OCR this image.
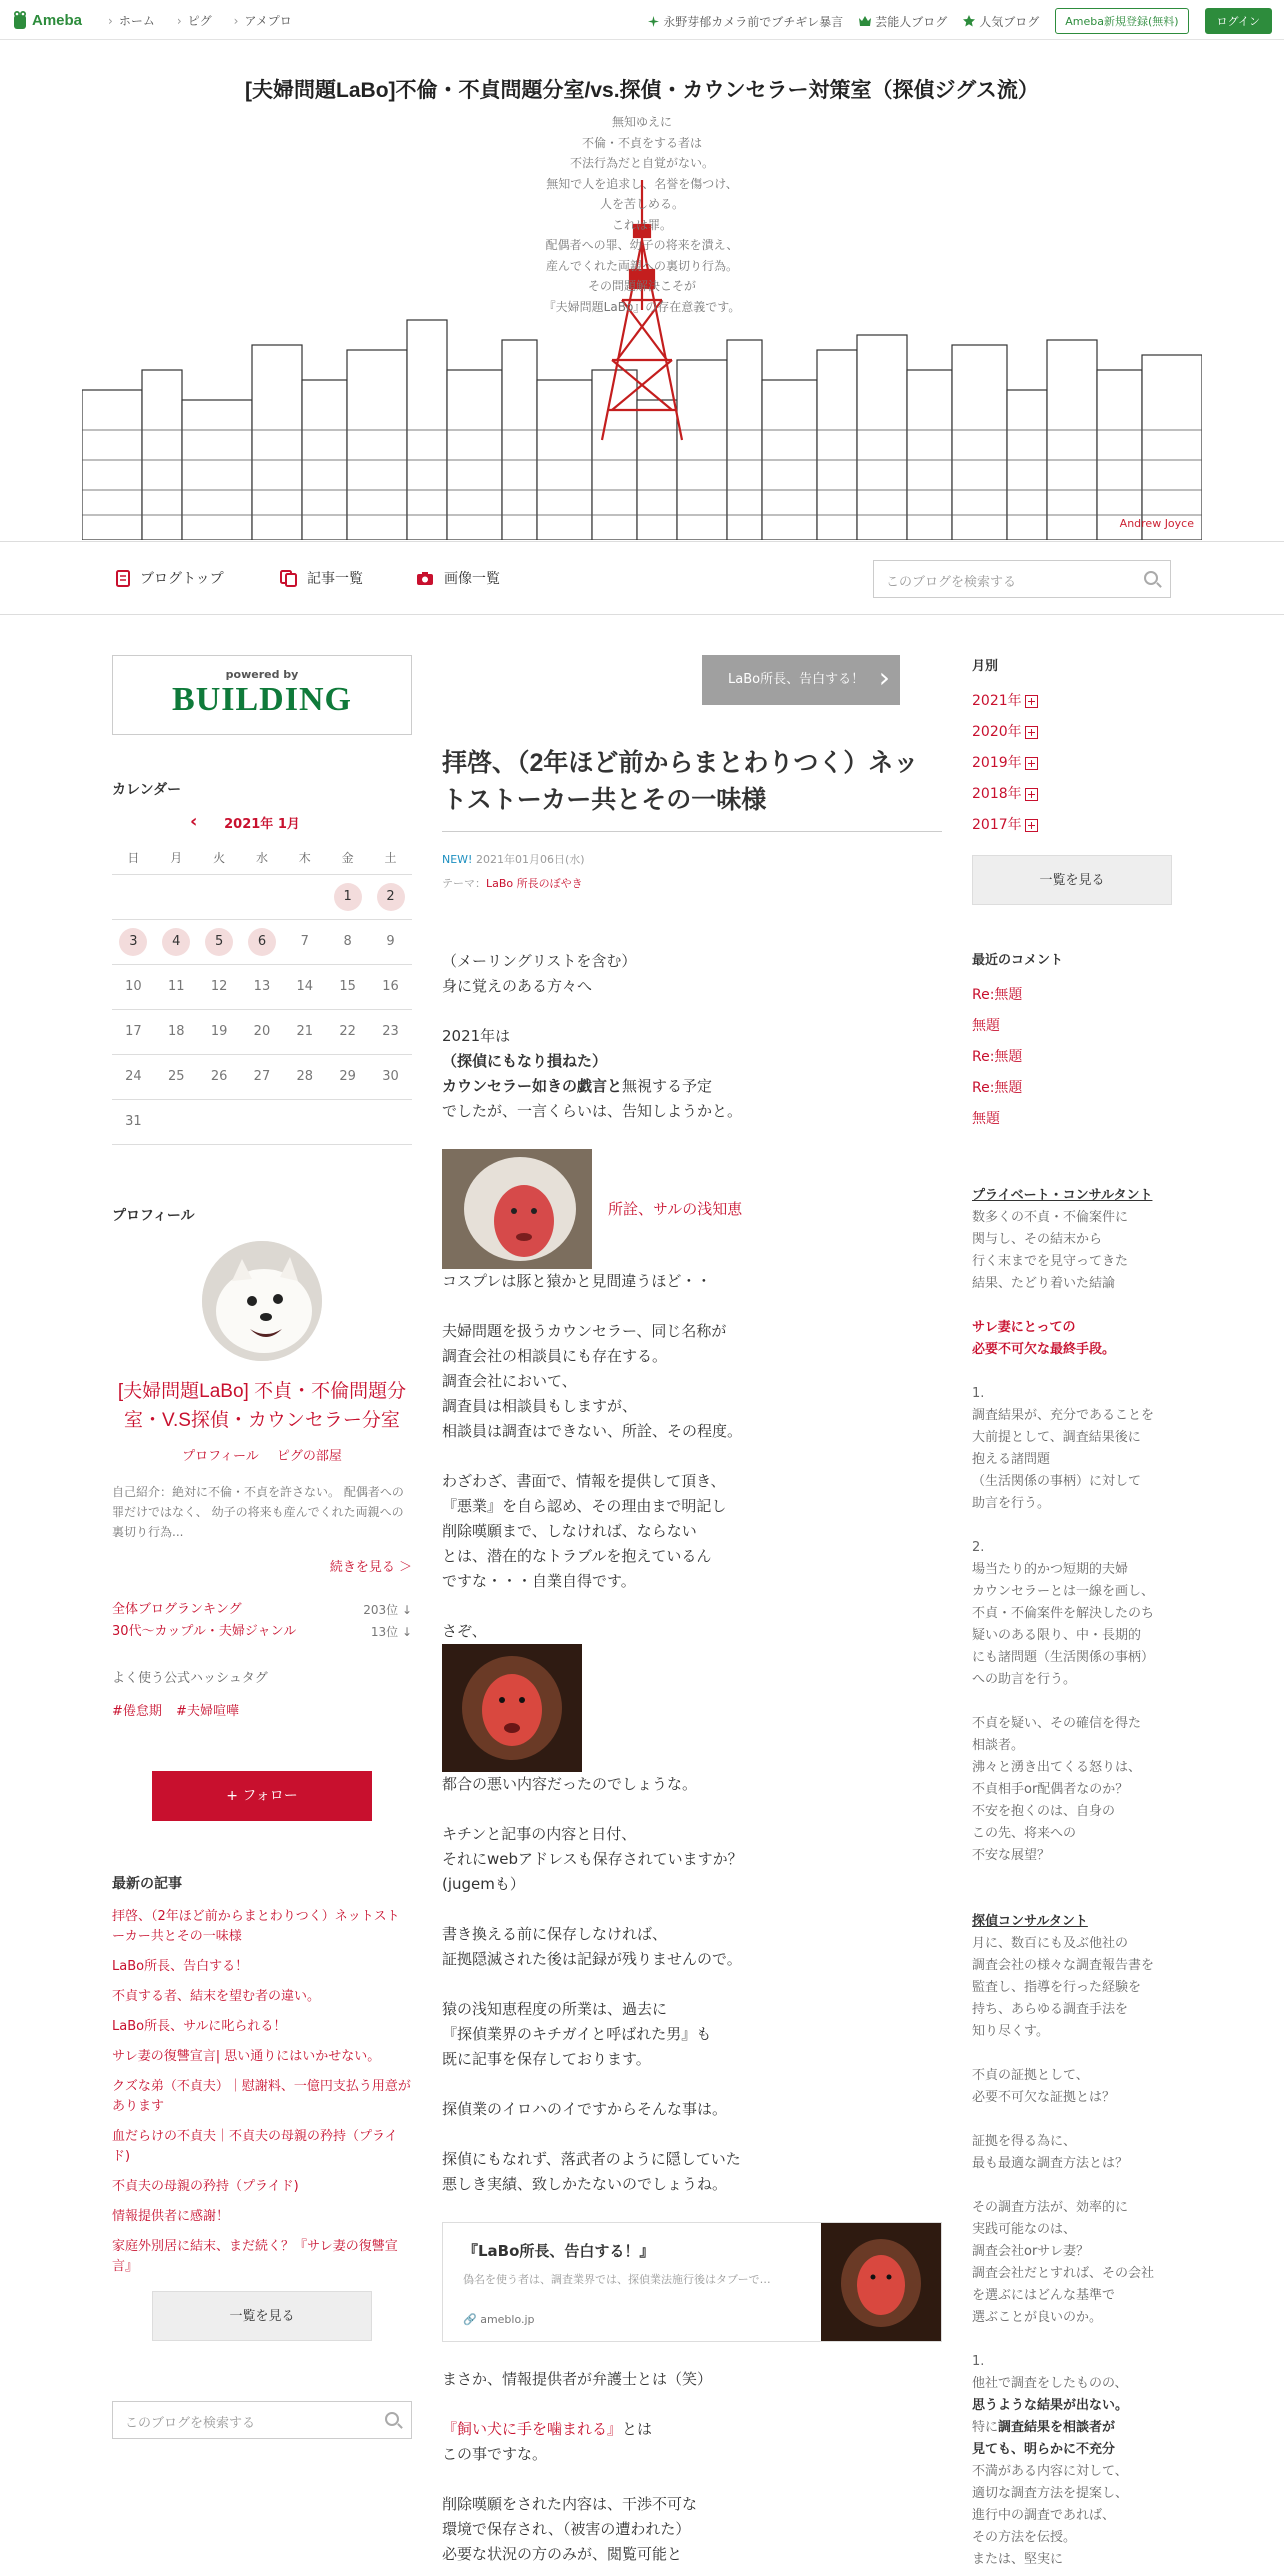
Ameba	› ホーム	› ピグ	› アメプロ	永野芽郁カメラ前でブチギレ暴言	芸能人ブログ	人気ブログ	Ameba新規登録(無料)	ログイン
[夫婦問題LaBo]不倫・不貞問題分室/vs.探偵・カウンセラー対策室（探偵ジグス流）
無知ゆえに
不倫・不貞をする者は
不法行為だと自覚がない。
無知で人を追求し、名誉を傷つけ、
人を苦しめる。
これは罪。
配偶者への罪、幼子の将来を潰え、
産んでくれた両親への裏切り行為。
その問題解決こそが
『夫婦問題LaBo』の存在意義です。
Andrew Joyce
ブログトップ	記事一覧	画像一覧	このブログを検索する
powered by
BUILDING
カレンダー
‹ 2021年 1月
日	月	火	水	木	金	土
					1	2
3	4	5	6	7	8	9
10	11	12	13	14	15	16
17	18	19	20	21	22	23
24	25	26	27	28	29	30
31						
プロフィール
[夫婦問題LaBo] 不貞・不倫問題分室・V.S探偵・カウンセラー分室
プロフィール ピグの部屋
自己紹介：絶対に不倫・不貞を許さない。 配偶者への罪だけではなく、 幼子の将来も産んでくれた両親への裏切り行為...
続きを見る ＞
全体ブログランキング	203位 ↓
30代〜カップル・夫婦ジャンル	13位 ↓
よく使う公式ハッシュタグ
#倦怠期 #夫婦喧嘩
+ フォロー
最新の記事
拝啓、（2年ほど前からまとわりつく）ネットストーカー共とその一味様
LaBo所長、告白する！
不貞する者、結末を望む者の違い。
LaBo所長、サルに叱られる！
サレ妻の復讐宣言| 思い通りにはいかせない。
クズな弟（不貞夫）｜慰謝料、一億円支払う用意があります
血だらけの不貞夫｜不貞夫の母親の矜持（プライド)
不貞夫の母親の矜持（プライド)
情報提供者に感謝！
家庭外別居に結末、まだ続く？『サレ妻の復讐宣言』
一覧を見る
このブログを検索する
LaBo所長、告白する！ ›
拝啓、（2年ほど前からまとわりつく）ネットストーカー共とその一味様
NEW! 2021年01月06日(水)
テーマ：LaBo 所長のぼやき

（メーリングリストを含む）
身に覚えのある方々へ

2021年は
（探偵にもなり損ねた）
カウンセラー如きの戯言と無視する予定
でしたが、一言くらいは、告知しようかと。

所詮、サルの浅知恵

コスプレは豚と猿かと見間違うほど・・

夫婦問題を扱うカウンセラー、同じ名称が
調査会社の相談員にも存在する。
調査会社において、
調査員は相談員もしますが、
相談員は調査はできない、所詮、その程度。

わざわざ、書面で、情報を提供して頂き、
『悪業』を自ら認め、その理由まで明記し
削除嘆願まで、しなければ、ならない
とは、潜在的なトラブルを抱えているん
ですな・・・自業自得です。

さぞ、

都合の悪い内容だったのでしょうな。

キチンと記事の内容と日付、
それにwebアドレスも保存されていますか？
(jugemも）

書き換える前に保存しなければ、
証拠隠滅された後は記録が残りませんので。

猿の浅知恵程度の所業は、過去に
『探偵業界のキチガイと呼ばれた男』も
既に記事を保存しております。

探偵業のイロハのイですからそんな事は。

探偵にもなれず、落武者のように隠していた
悪しき実績、致しかたないのでしょうね。

『LaBo所長、告白する！』
偽名を使う者は、調査業界では、探偵業法施行後はタブーで…
🔗 ameblo.jp

まさか、情報提供者が弁護士とは（笑）

『飼い犬に手を噛まれる』とは
この事ですな。

削除嘆願をされた内容は、干渉不可な
環境で保存され、（被害の遭われた）
必要な状況の方のみが、閲覧可能と

月別
2021年
2020年
2019年
2018年
2017年
一覧を見る
最近のコメント
Re:無題
無題
Re:無題
Re:無題
無題
プライベート・コンサルタント
数多くの不貞・不倫案件に
関与し、その結末から
行く末までを見守ってきた
結果、たどり着いた結論

サレ妻にとっての
必要不可欠な最終手段。

1.
調査結果が、充分であることを
大前提として、調査結果後に
抱える諸問題
（生活関係の事柄）に対して
助言を行う。

2.
場当たり的かつ短期的夫婦
カウンセラーとは一線を画し、
不貞・不倫案件を解決したのち
疑いのある限り、中・長期的
にも諸問題（生活関係の事柄）
への助言を行う。

不貞を疑い、その確信を得た
相談者。
沸々と湧き出てくる怒りは、
不貞相手or配偶者なのか？
不安を抱くのは、自身の
この先、将来への
不安な展望？

探偵コンサルタント
月に、数百にも及ぶ他社の
調査会社の様々な調査報告書を
監査し、指導を行った経験を
持ち、あらゆる調査手法を
知り尽くす。

不貞の証拠として、
必要不可欠な証拠とは？

証拠を得る為に、
最も最適な調査方法とは？

その調査方法が、効率的に
実践可能なのは、
調査会社orサレ妻？
調査会社だとすれば、その会社
を選ぶにはどんな基準で
選ぶことが良いのか。

1.
他社で調査をしたものの、
思うような結果が出ない。
特に調査結果を相談者が
見ても、明らかに不充分
不満がある内容に対して、
適切な調査方法を提案し、
進行中の調査であれば、
その方法を伝授。
または、堅実に
